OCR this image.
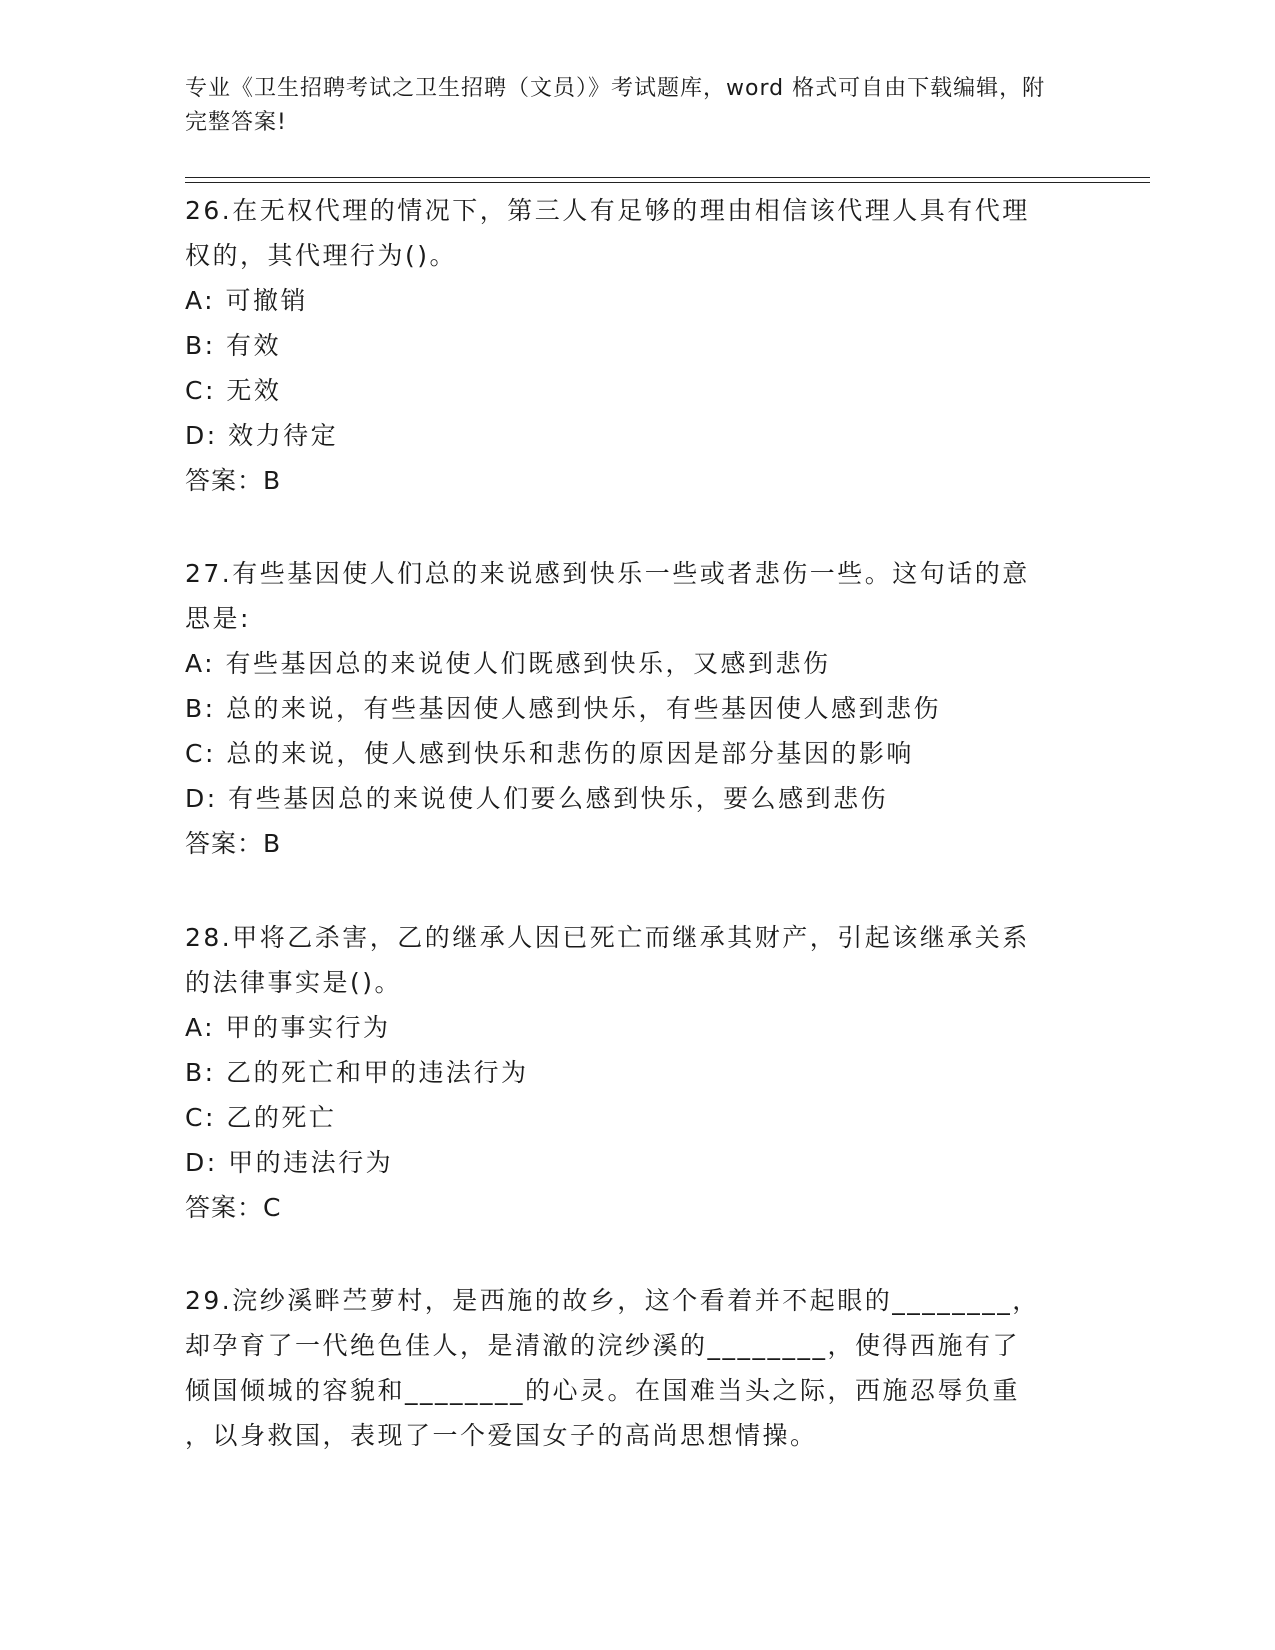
专业《卫生招聘考试之卫生招聘（文员）》考试题库，word 格式可自由下载编辑，附完整答案!

26.在无权代理的情况下，第三人有足够的理由相信该代理人具有代理

权的，其代理行为()。

A: 可撤销

B: 有效

C: 无效

D: 效力待定

答案：B

27.有些基因使人们总的来说感到快乐一些或者悲伤一些。这句话的意

思是:

A: 有些基因总的来说使人们既感到快乐，又感到悲伤

B: 总的来说，有些基因使人感到快乐，有些基因使人感到悲伤

C: 总的来说，使人感到快乐和悲伤的原因是部分基因的影响

D: 有些基因总的来说使人们要么感到快乐，要么感到悲伤

答案：B

28.甲将乙杀害，乙的继承人因已死亡而继承其财产，引起该继承关系

的法律事实是()。

A: 甲的事实行为

B: 乙的死亡和甲的违法行为

C: 乙的死亡

D: 甲的违法行为

答案：C

29.浣纱溪畔苎萝村，是西施的故乡，这个看着并不起眼的________，

却孕育了一代绝色佳人，是清澈的浣纱溪的________，使得西施有了

倾国倾城的容貌和________的心灵。在国难当头之际，西施忍辱负重

，以身救国，表现了一个爱国女子的高尚思想情操。
